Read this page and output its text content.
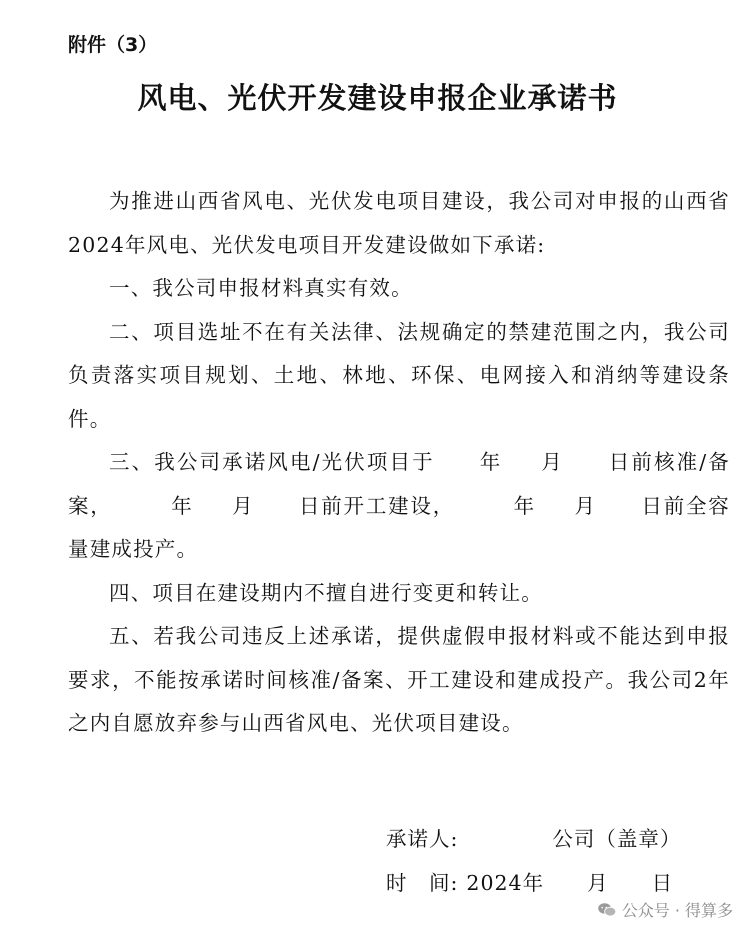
附件（3）
风电、光伏开发建设申报企业承诺书

为推进山西省风电、光伏发电项目建设，我公司对申报的山西省2024年风电、光伏发电项目开发建设做如下承诺:

一、我公司申报材料真实有效。

二、项目选址不在有关法律、法规确定的禁建范围之内，我公司负责落实项目规划、土地、林地、环保、电网接入和消纳等建设条件。

三、我公司承诺风电/光伏项目于 年 月 日前核准/备案，	年 月 日前开工建设，	年 月 日前全容量建成投产。

四、项目在建设期内不擅自进行变更和转让。

五、若我公司违反上述承诺，提供虚假申报材料或不能达到申报要求，不能按承诺时间核准/备案、开工建设和建成投产。我公司2年之内自愿放弃参与山西省风电、光伏项目建设。

承诺人:	公司（盖章）
时　间: 2024年　　月　　日
公众号 · 得算多
